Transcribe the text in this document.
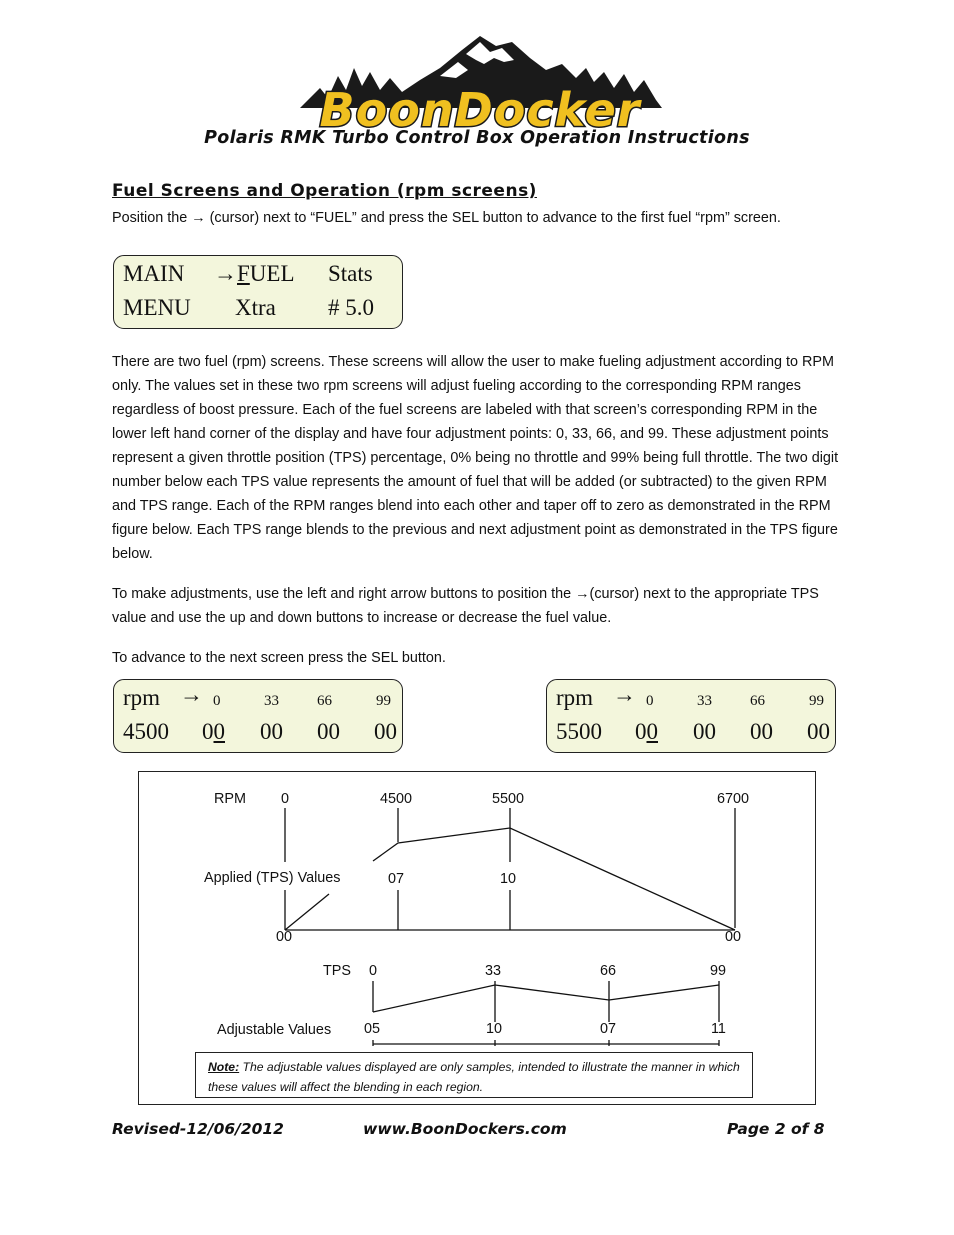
BoonDocker
Polaris RMK Turbo Control Box Operation Instructions
Fuel Screens and Operation (rpm screens)
Position the → (cursor) next to “FUEL” and press the SEL button to advance to the first fuel “rpm” screen.
MAIN →FUEL Stats
MENU Xtra # 5.0
There are two fuel (rpm) screens. These screens will allow the user to make fueling adjustment according to RPM only. The values set in these two rpm screens will adjust fueling according to the corresponding RPM ranges regardless of boost pressure. Each of the fuel screens are labeled with that screen’s corresponding RPM in the lower left hand corner of the display and have four adjustment points: 0, 33, 66, and 99. These adjustment points represent a given throttle position (TPS) percentage, 0% being no throttle and 99% being full throttle. The two digit number below each TPS value represents the amount of fuel that will be added (or subtracted) to the given RPM and TPS range. Each of the RPM ranges blend into each other and taper off to zero as demonstrated in the RPM figure below. Each TPS range blends to the previous and next adjustment point as demonstrated in the TPS figure below.
To make adjustments, use the left and right arrow buttons to position the →(cursor) next to the appropriate TPS value and use the up and down buttons to increase or decrease the fuel value.
To advance to the next screen press the SEL button.
rpm → 0	33	66	99
4500 00 00 00 00
rpm → 0	33	66	99
5500 00 00 00 00
RPM 0	4500	5500	6700
Applied (TPS) Values	07	10
00	00
TPS 0	33	66	99
Adjustable Values 05	10	07	11
Note: The adjustable values displayed are only samples, intended to illustrate the manner in which these values will affect the blending in each region.
Revised-12/06/2012	www.BoonDockers.com	Page 2 of 8
